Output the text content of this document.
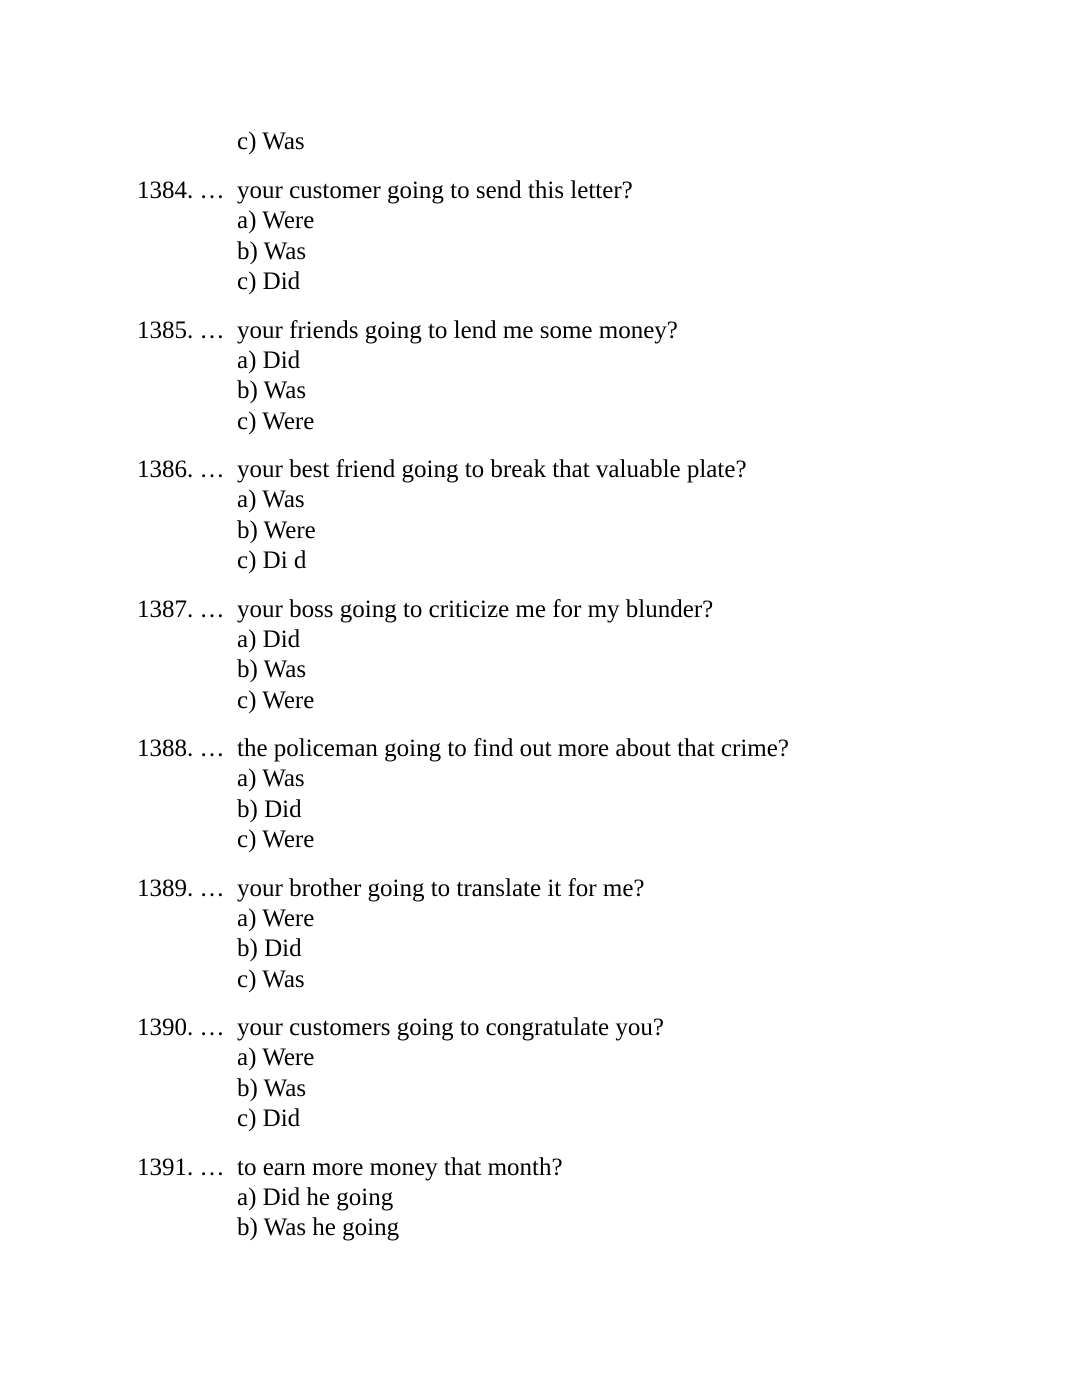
c) Was
1384. … your customer going to send this letter?
a) Were
b) Was
c) Did
1385. … your friends going to lend me some money?
a) Did
b) Was
c) Were
1386. … your best friend going to break that valuable plate?
a) Was
b) Were
c) Di d
1387. … your boss going to criticize me for my blunder?
a) Did
b) Was
c) Were
1388. … the policeman going to find out more about that crime?
a) Was
b) Did
c) Were
1389. … your brother going to translate it for me?
a) Were
b) Did
c) Was
1390. … your customers going to congratulate you?
a) Were
b) Was
c) Did
1391. … to earn more money that month?
a) Did he going
b) Was he going
